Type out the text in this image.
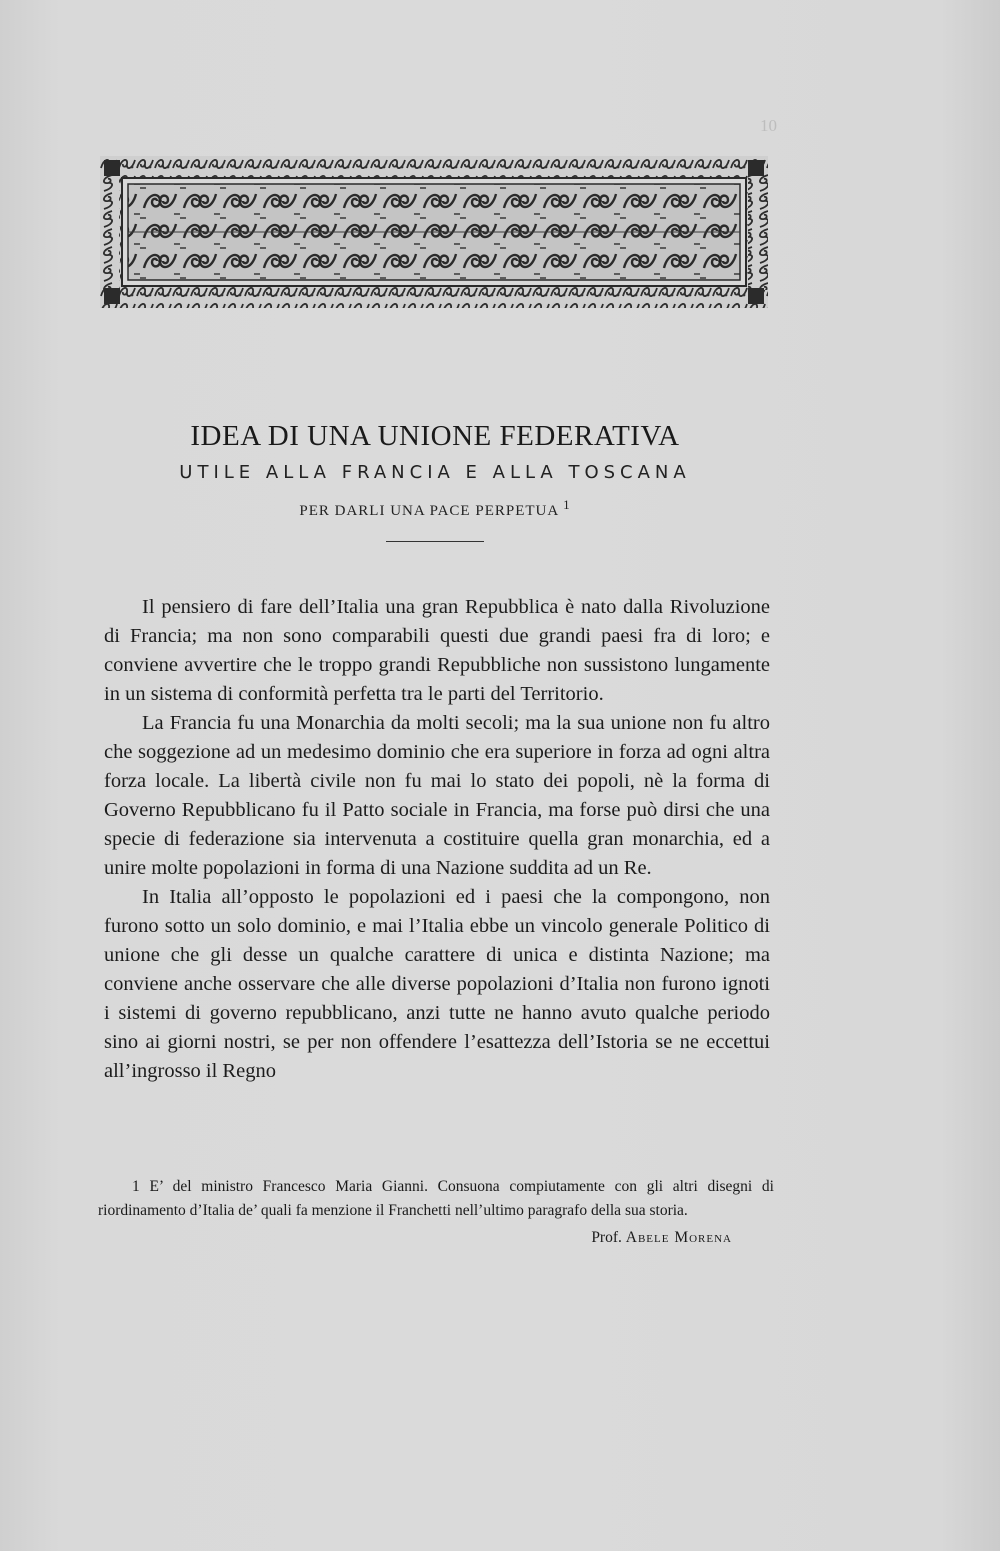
10
IDEA DI UNA UNIONE FEDERATIVA
UTILE ALLA FRANCIA E ALLA TOSCANA
PER DARLI UNA PACE PERPETUA $^1$

Il pensiero di fare dell’Italia una gran Repubblica è nato dalla Rivoluzione di Francia; ma non sono comparabili questi due grandi paesi fra di loro; e conviene avvertire che le troppo grandi Repubbliche non sussistono lungamente in un sistema di conformità perfetta tra le parti del Territorio.

La Francia fu una Monarchia da molti secoli; ma la sua unione non fu altro che soggezione ad un medesimo dominio che era superiore in forza ad ogni altra forza locale. La libertà civile non fu mai lo stato dei popoli, nè la forma di Governo Repubblicano fu il Patto sociale in Francia, ma forse può dirsi che una specie di federazione sia intervenuta a costituire quella gran monarchia, ed a unire molte popolazioni in forma di una Nazione suddita ad un Re.

In Italia all’opposto le popolazioni ed i paesi che la compongono, non furono sotto un solo dominio, e mai l’Italia ebbe un vincolo generale Politico di unione che gli desse un qualche carattere di unica e distinta Nazione; ma conviene anche osservare che alle diverse popolazioni d’Italia non furono ignoti i sistemi di governo repubblicano, anzi tutte ne hanno avuto qualche periodo sino ai giorni nostri, se per non offendere l’esattezza dell’Istoria se ne eccettui all’ingrosso il Regno

1 E’ del ministro Francesco Maria Gianni. Consuona compiutamente con gli altri disegni di riordinamento d’Italia de’ quali fa menzione il Franchetti nell’ultimo paragrafo della sua storia.

Prof. Abele Morena
